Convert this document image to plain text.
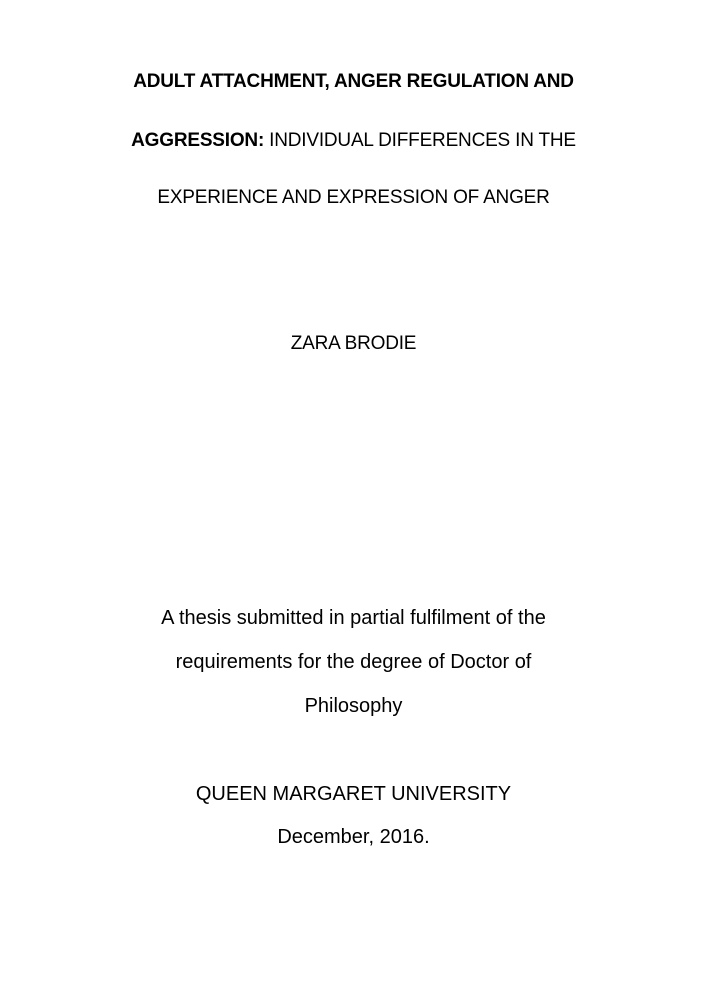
ADULT ATTACHMENT, ANGER REGULATION AND
AGGRESSION: INDIVIDUAL DIFFERENCES IN THE
EXPERIENCE AND EXPRESSION OF ANGER
ZARA BRODIE
A thesis submitted in partial fulfilment of the
requirements for the degree of Doctor of
Philosophy
QUEEN MARGARET UNIVERSITY
December, 2016.
